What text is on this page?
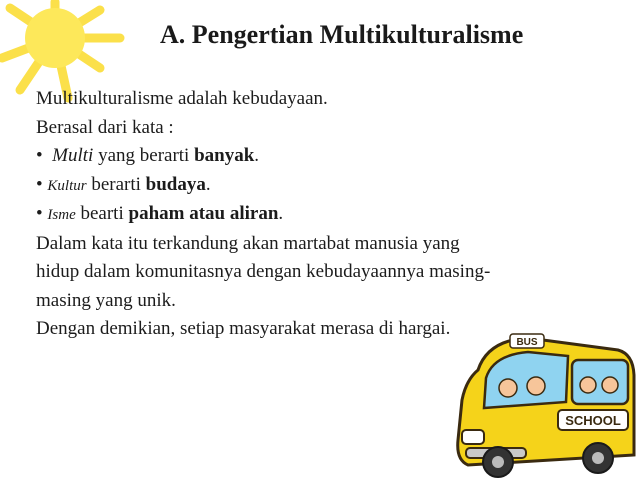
A. Pengertian Multikulturalisme

Multikulturalisme adalah kebudayaan.

Berasal dari kata :

• Multi yang berarti banyak.

• Kultur berarti budaya.

• Isme bearti paham atau aliran.

Dalam kata itu terkandung akan martabat manusia yang

hidup dalam komunitasnya dengan kebudayaannya masing-

masing yang unik.

Dengan demikian, setiap masyarakat merasa di hargai.

BUS
SCHOOL
